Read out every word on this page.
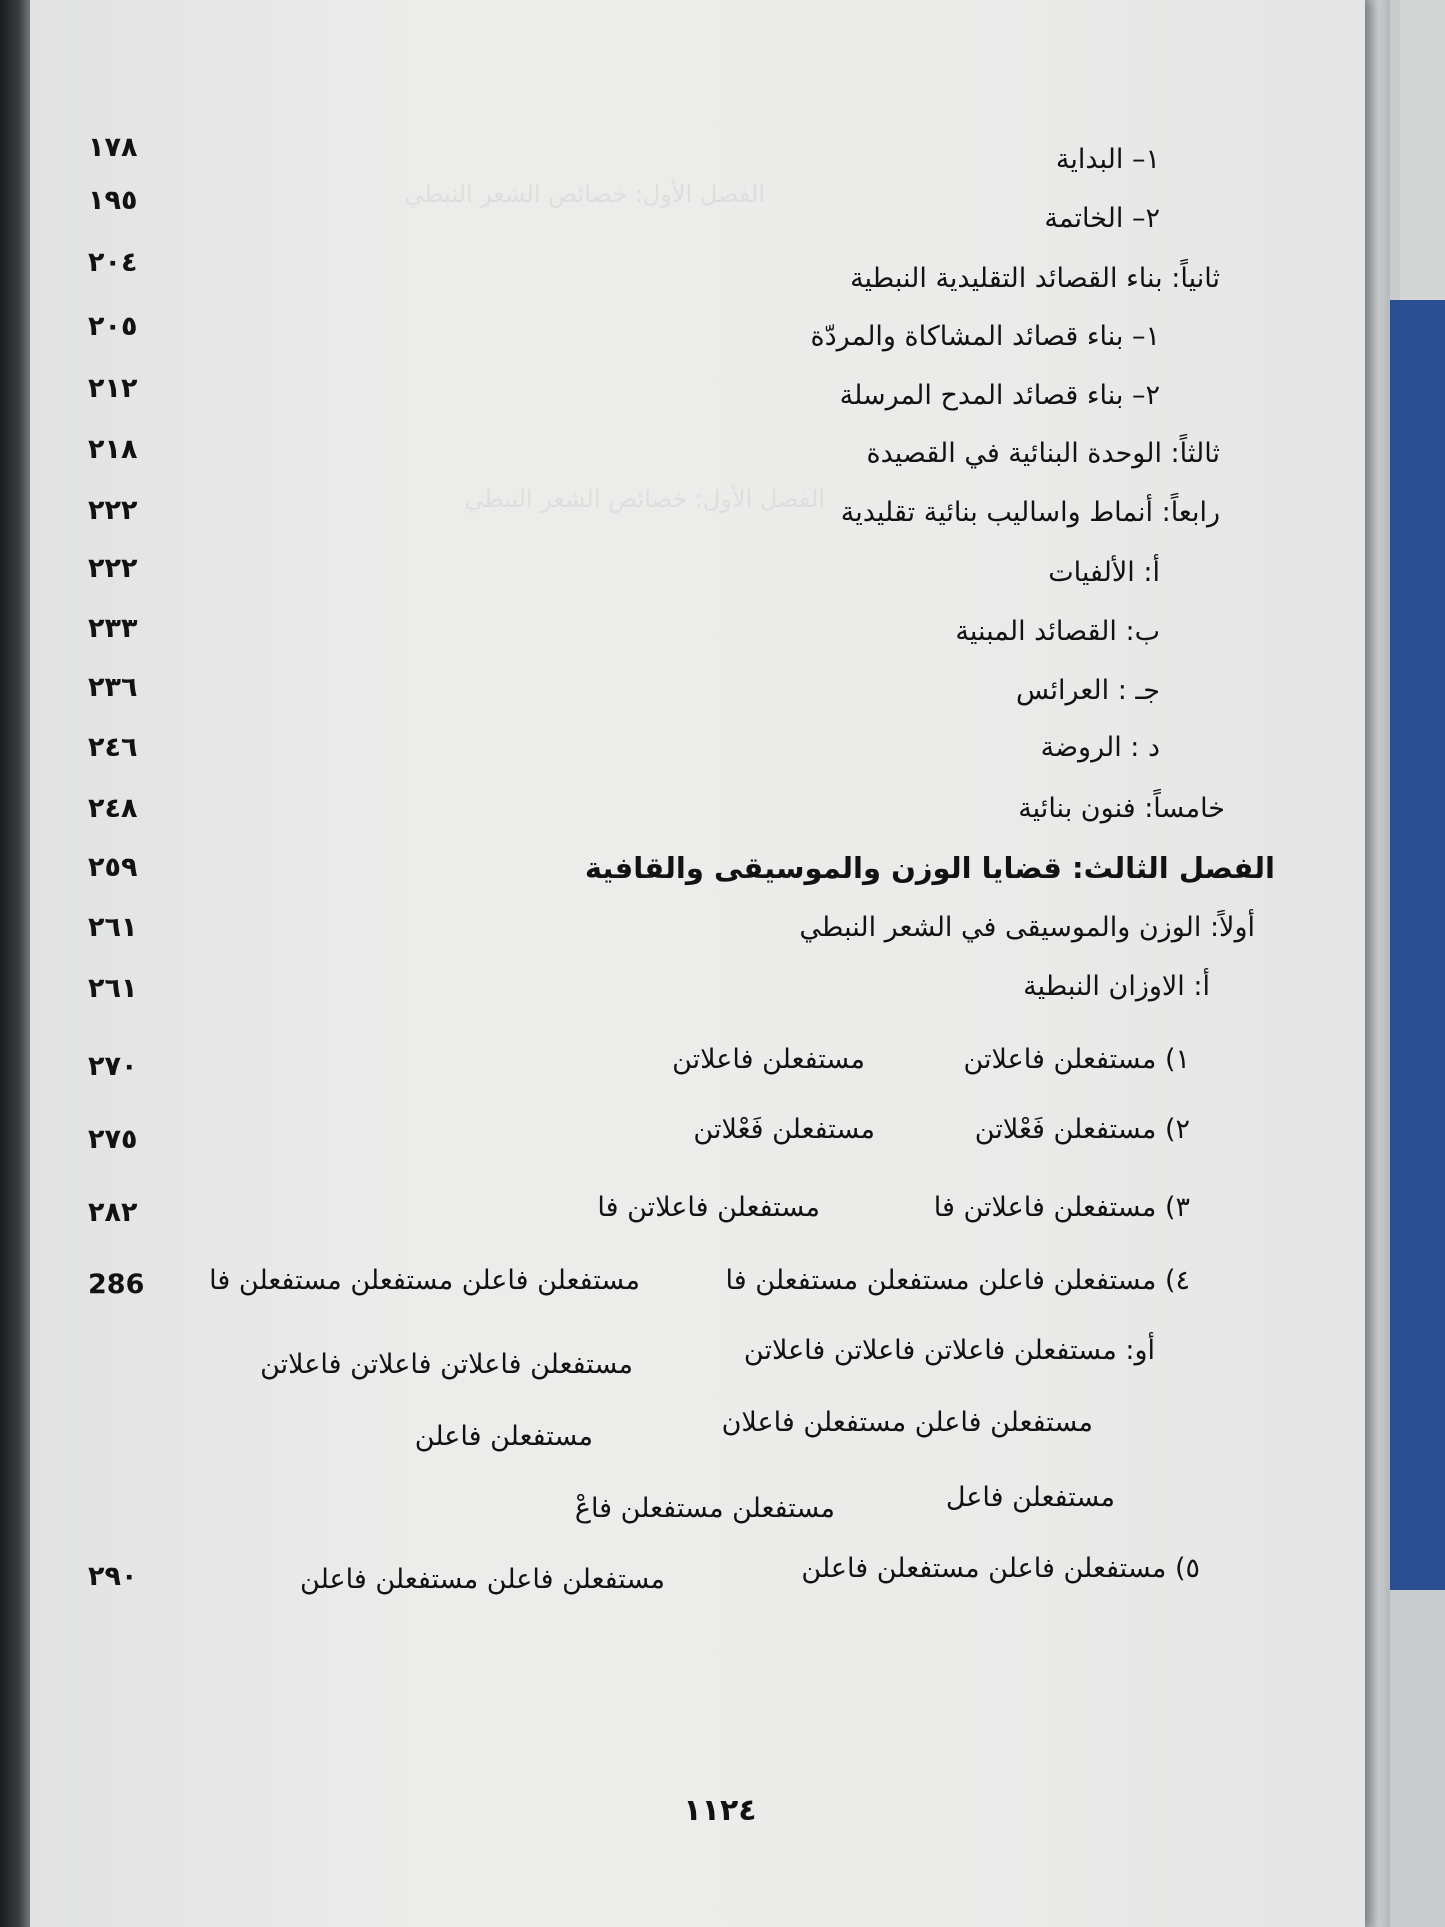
الفصل الأول: خصائص الشعر النبطي
الفصل الأول: خصائص الشعر النبطي
١– البداية
١٧٨
٢– الخاتمة
١٩٥
ثانياً: بناء القصائد التقليدية النبطية
٢٠٤
١– بناء قصائد المشاكاة والمردّة
٢٠٥
٢– بناء قصائد المدح المرسلة
٢١٢
ثالثاً: الوحدة البنائية في القصيدة
٢١٨
رابعاً: أنماط واساليب بنائية تقليدية
٢٢٢
أ: الألفيات
٢٢٢
ب: القصائد المبنية
٢٣٣
جـ : العرائس
٢٣٦
د : الروضة
٢٤٦
خامساً: فنون بنائية
٢٤٨
الفصل الثالث: قضايا الوزن والموسيقى والقافية
٢٥٩
أولاً: الوزن والموسيقى في الشعر النبطي
٢٦١
أ: الاوزان النبطية
٢٦١
١) مستفعلن فاعلاتن
مستفعلن فاعلاتن
٢٧٠
٢) مستفعلن فَعْلاتن
مستفعلن فَعْلاتن
٢٧٥
٣) مستفعلن فاعلاتن فا
مستفعلن فاعلاتن فا
٢٨٢
٤) مستفعلن فاعلن مستفعلن مستفعلن فا
مستفعلن فاعلن مستفعلن مستفعلن فا
286
أو: مستفعلن فاعلاتن فاعلاتن فاعلاتن
مستفعلن فاعلاتن فاعلاتن فاعلاتن
مستفعلن فاعلن مستفعلن فاعلان
مستفعلن فاعلن
مستفعلن فاعل
مستفعلن مستفعلن فاعْ
٥) مستفعلن فاعلن مستفعلن فاعلن
مستفعلن فاعلن مستفعلن فاعلن
٢٩٠
١١٢٤
